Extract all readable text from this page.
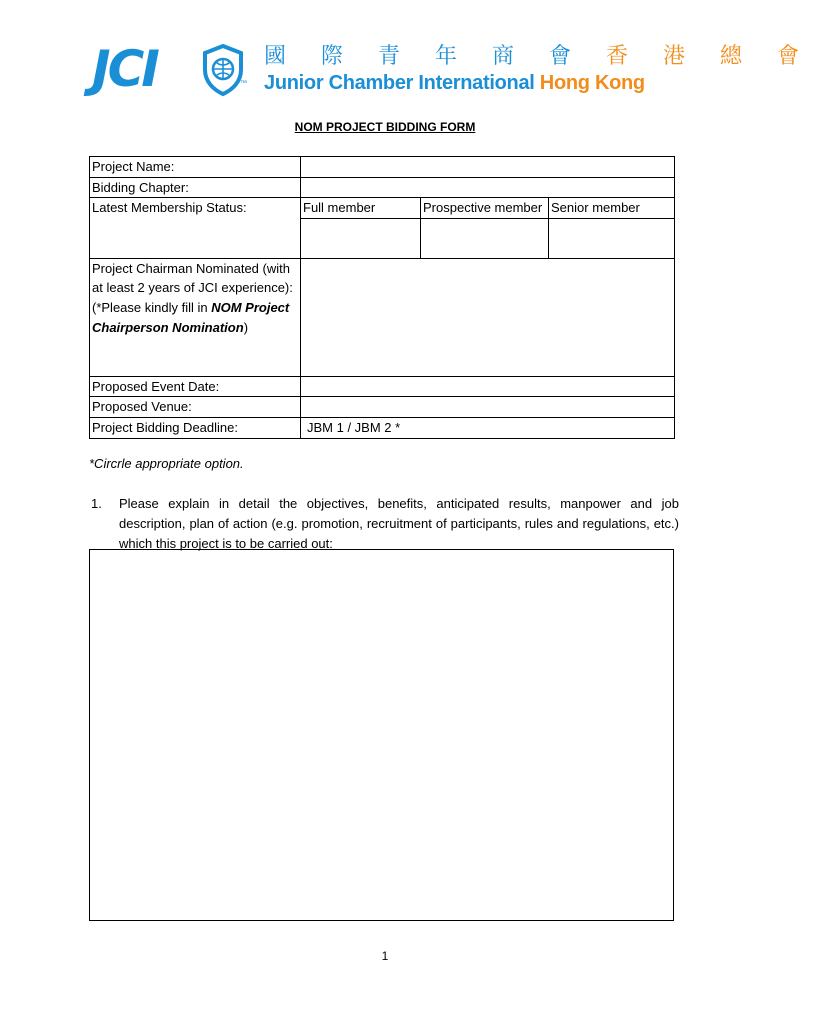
JCI	™
國 際 青 年 商 會 香 港 總 會
Junior Chamber International Hong Kong
NOM PROJECT BIDDING FORM
Project Name:			
Bidding Chapter:			
Latest Membership Status:	Full member	Prospective member	Senior member

Project Chairman Nominated (with at least 2 years of JCI experience):
(*Please kindly fill in NOM Project Chairperson Nomination)			
Proposed Event Date:			
Proposed Venue:			
Project Bidding Deadline:	JBM 1 / JBM 2 *		
*Circrle appropriate option.
1. Please explain in detail the objectives, benefits, anticipated results, manpower and job description, plan of action (e.g. promotion, recruitment of participants, rules and regulations, etc.) which this project is to be carried out:
1
